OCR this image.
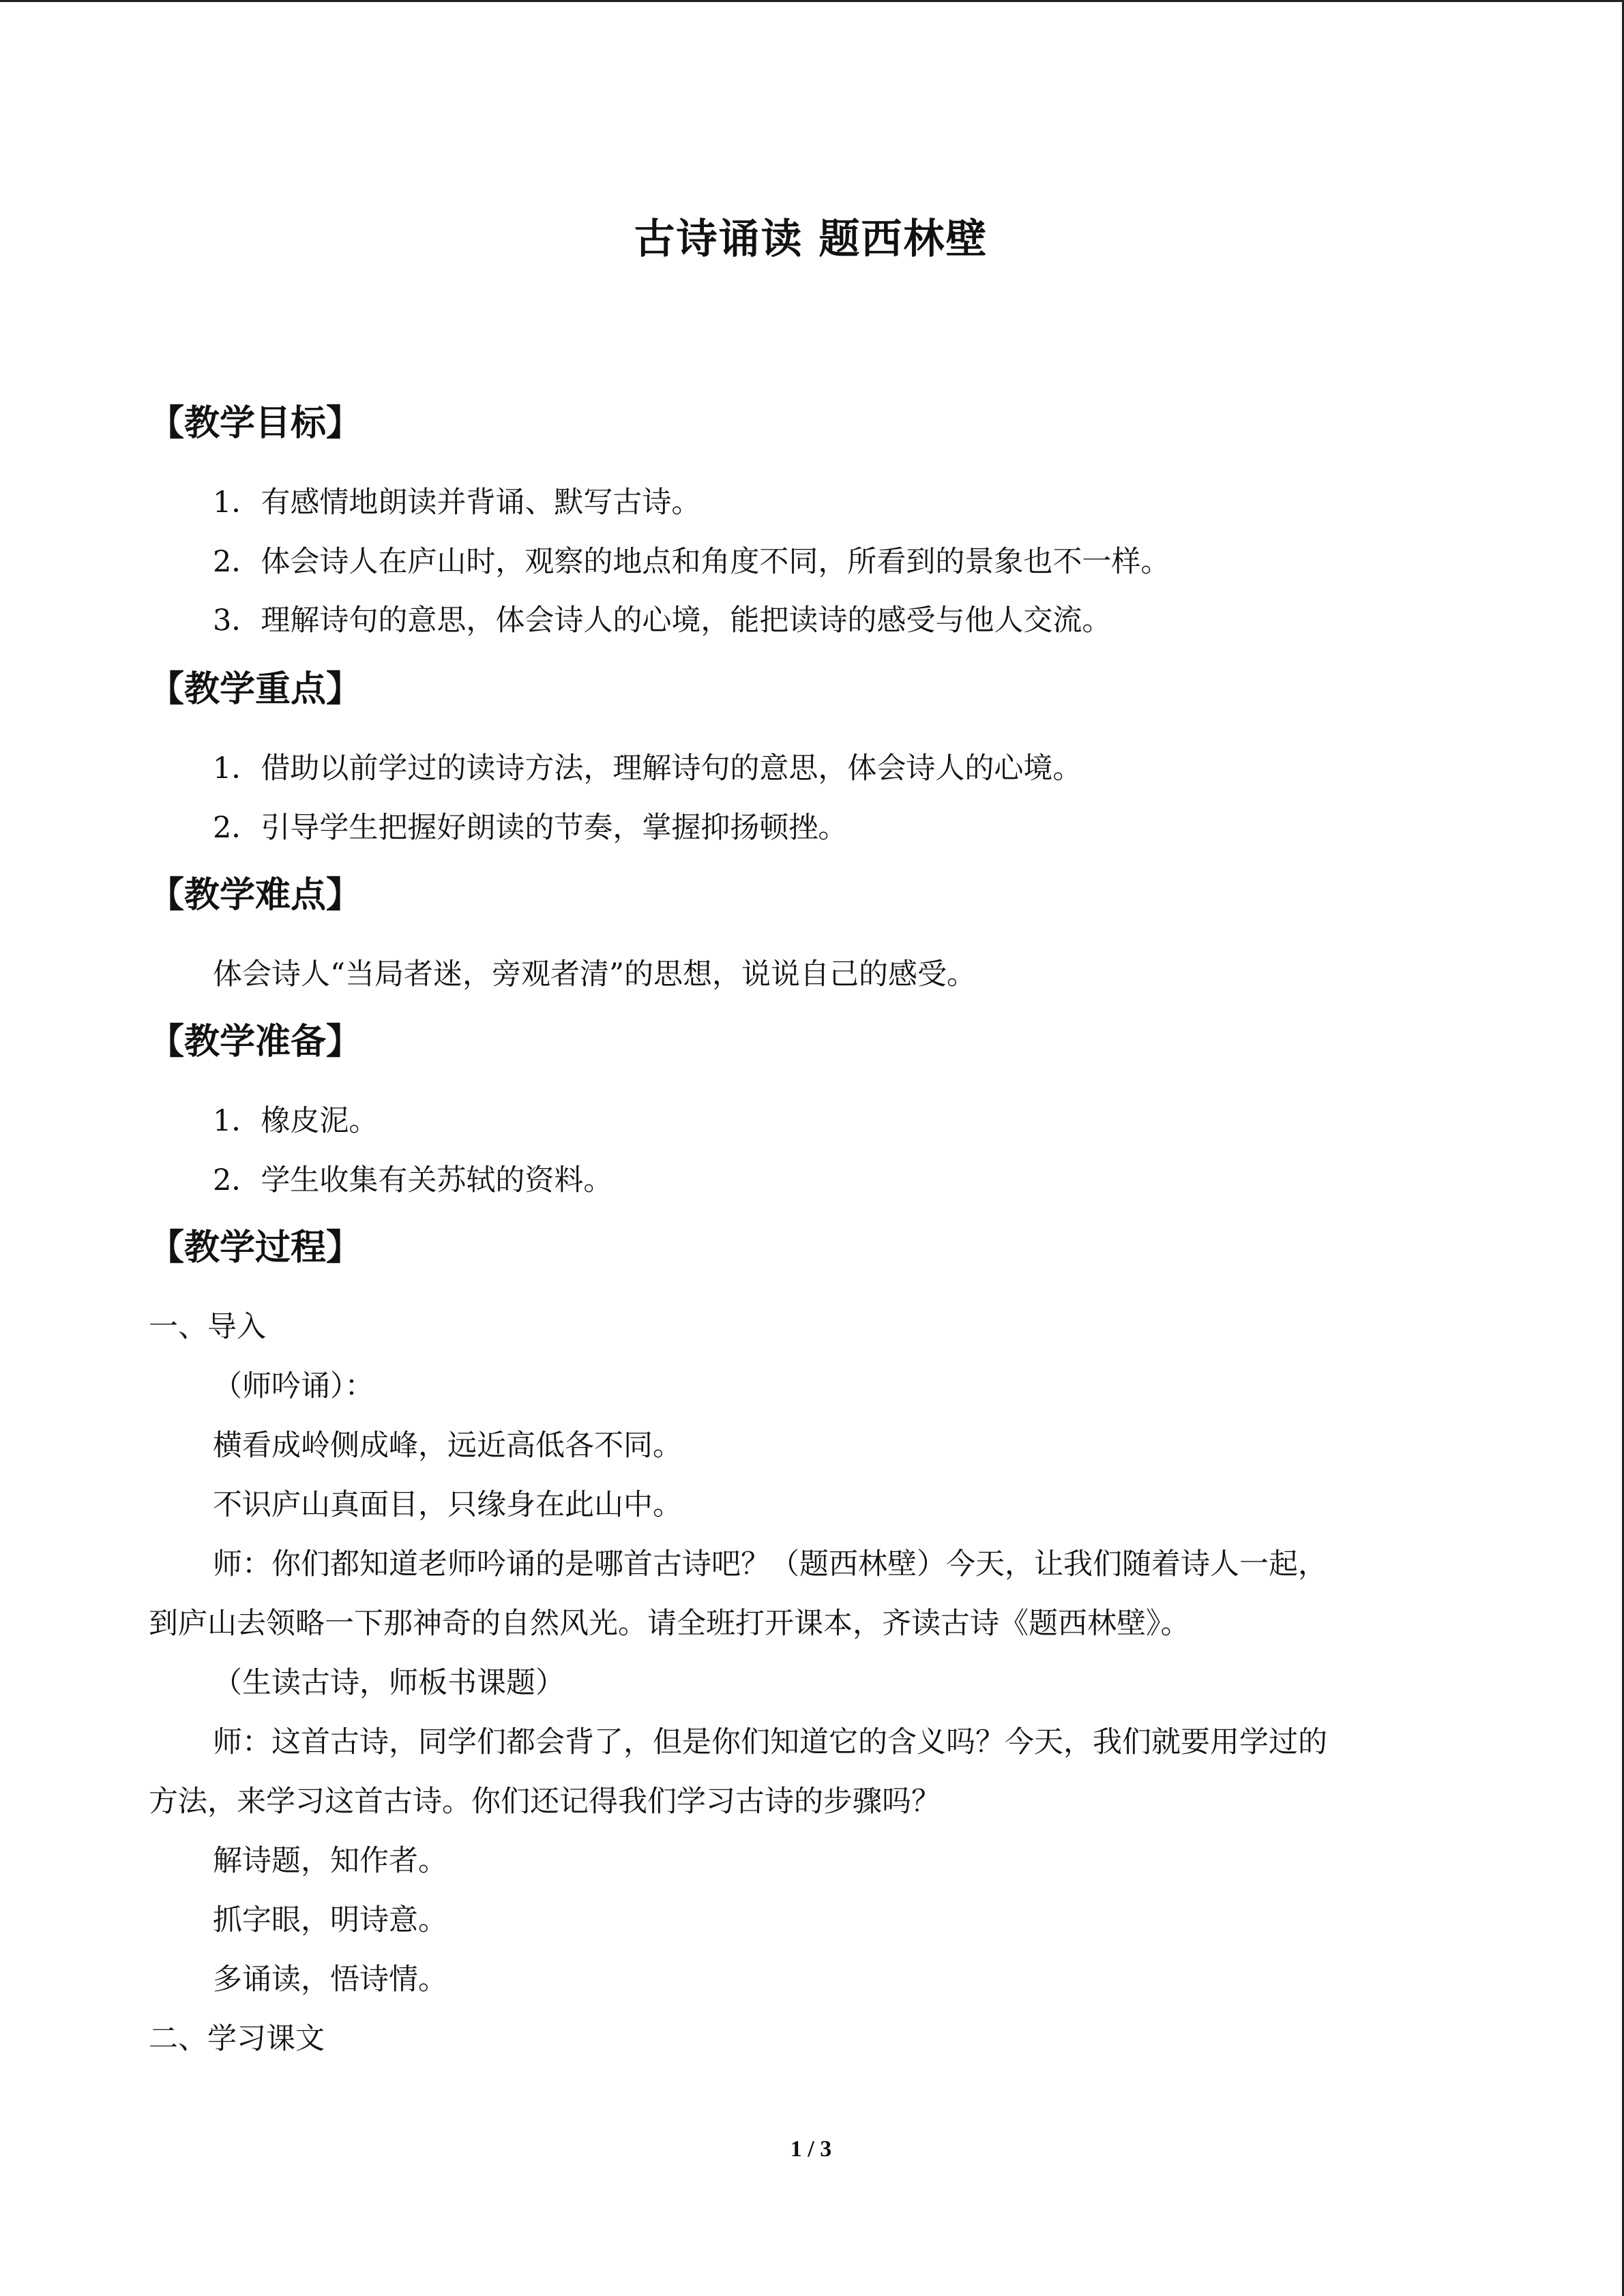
古诗诵读 题西林壁
【教学目标】

1．有感情地朗读并背诵、默写古诗。

2．体会诗人在庐山时，观察的地点和角度不同，所看到的景象也不一样。

3．理解诗句的意思，体会诗人的心境，能把读诗的感受与他人交流。

【教学重点】

1．借助以前学过的读诗方法，理解诗句的意思，体会诗人的心境。

2．引导学生把握好朗读的节奏，掌握抑扬顿挫。

【教学难点】

体会诗人“当局者迷，旁观者清”的思想，说说自己的感受。

【教学准备】

1．橡皮泥。

2．学生收集有关苏轼的资料。

【教学过程】

一、导入

（师吟诵）：

横看成岭侧成峰，远近高低各不同。

不识庐山真面目，只缘身在此山中。

师：你们都知道老师吟诵的是哪首古诗吧？（题西林壁）今天，让我们随着诗人一起，

到庐山去领略一下那神奇的自然风光。请全班打开课本，齐读古诗《题西林壁》。

（生读古诗，师板书课题）

师：这首古诗，同学们都会背了，但是你们知道它的含义吗？今天，我们就要用学过的

方法，来学习这首古诗。你们还记得我们学习古诗的步骤吗？

解诗题，知作者。

抓字眼，明诗意。

多诵读，悟诗情。

二、学习课文

1 / 3
